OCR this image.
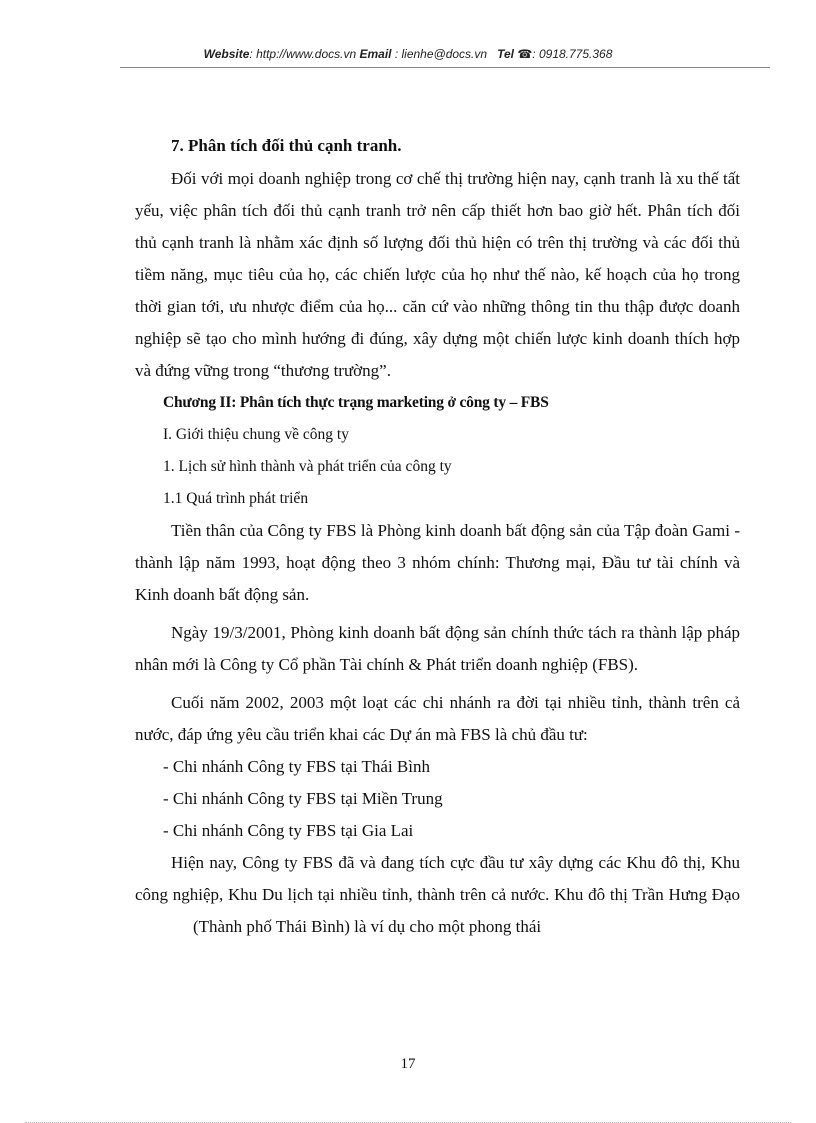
Website: http://www.docs.vn Email : lienhe@docs.vn Tel ☎: 0918.775.368

7. Phân tích đối thủ cạnh tranh.

Đối với mọi doanh nghiệp trong cơ chế thị trường hiện nay, cạnh tranh là xu thế tất yếu, việc phân tích đối thủ cạnh tranh trở nên cấp thiết hơn bao giờ hết. Phân tích đối thủ cạnh tranh là nhằm xác định số lượng đối thủ hiện có trên thị trường và các đối thủ tiềm năng, mục tiêu của họ, các chiến lược của họ như thế nào, kế hoạch của họ trong thời gian tới, ưu nhược điểm của họ... căn cứ vào những thông tin thu thập được doanh nghiệp sẽ tạo cho mình hướng đi đúng, xây dựng một chiến lược kinh doanh thích hợp và đứng vững trong “thương trường”.

Chương II: Phân tích thực trạng marketing ở công ty – FBS

I. Giới thiệu chung về công ty

1. Lịch sử hình thành và phát triển của công ty

1.1 Quá trình phát triển

Tiền thân của Công ty FBS là Phòng kinh doanh bất động sản của Tập đoàn Gami - thành lập năm 1993, hoạt động theo 3 nhóm chính: Thương mại, Đầu tư tài chính và Kinh doanh bất động sản.

Ngày 19/3/2001, Phòng kinh doanh bất động sản chính thức tách ra thành lập pháp nhân mới là Công ty Cổ phần Tài chính & Phát triển doanh nghiệp (FBS).

Cuối năm 2002, 2003 một loạt các chi nhánh ra đời tại nhiều tỉnh, thành trên cả nước, đáp ứng yêu cầu triển khai các Dự án mà FBS là chủ đầu tư:

- Chi nhánh Công ty FBS tại Thái Bình

- Chi nhánh Công ty FBS tại Miền Trung

- Chi nhánh Công ty FBS tại Gia Lai

Hiện nay, Công ty FBS đã và đang tích cực đầu tư xây dựng các Khu đô thị, Khu công nghiệp, Khu Du lịch tại nhiều tỉnh, thành trên cả nước. Khu đô thị Trần Hưng Đạo(Thành phố Thái Bình) là ví dụ cho một phong thái

17
